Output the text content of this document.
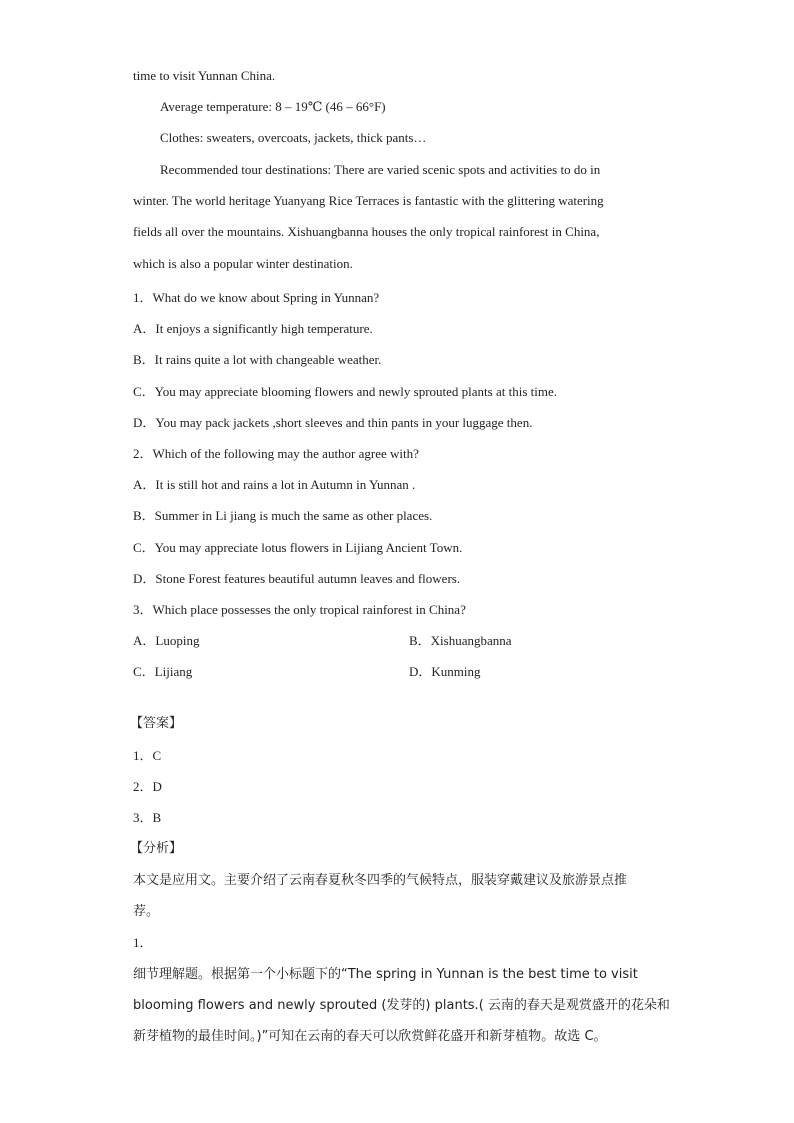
time to visit Yunnan China.
Average temperature: 8 – 19℃ (46 – 66°F)
Clothes: sweaters, overcoats, jackets, thick pants…
Recommended tour destinations: There are varied scenic spots and activities to do in
winter. The world heritage Yuanyang Rice Terraces is fantastic with the glittering watering
fields all over the mountains. Xishuangbanna houses the only tropical rainforest in China,
which is also a popular winter destination.
1．What do we know about Spring in Yunnan?
A．It enjoys a significantly high temperature.
B．It rains quite a lot with changeable weather.
C．You may appreciate blooming flowers and newly sprouted plants at this time.
D．You may pack jackets ,short sleeves and thin pants in your luggage then.
2．Which of the following may the author agree with?
A．It is still hot and rains a lot in Autumn in Yunnan .
B．Summer in Li jiang is much the same as other places.
C．You may appreciate lotus flowers in Lijiang Ancient Town.
D．Stone Forest features beautiful autumn leaves and flowers.
3．Which place possesses the only tropical rainforest in China?
A．Luoping	B．Xishuangbanna
C．Lijiang	D．Kunming
【答案】
1．C
2．D
3．B
【分析】
本文是应用文。主要介绍了云南春夏秋冬四季的气候特点，服装穿戴建议及旅游景点推
荐。
1．
细节理解题。根据第一个小标题下的“The spring in Yunnan is the best time to visit
blooming flowers and newly sprouted (发芽的) plants.( 云南的春天是观赏盛开的花朵和
新芽植物的最佳时间。)”可知在云南的春天可以欣赏鲜花盛开和新芽植物。故选 C。
